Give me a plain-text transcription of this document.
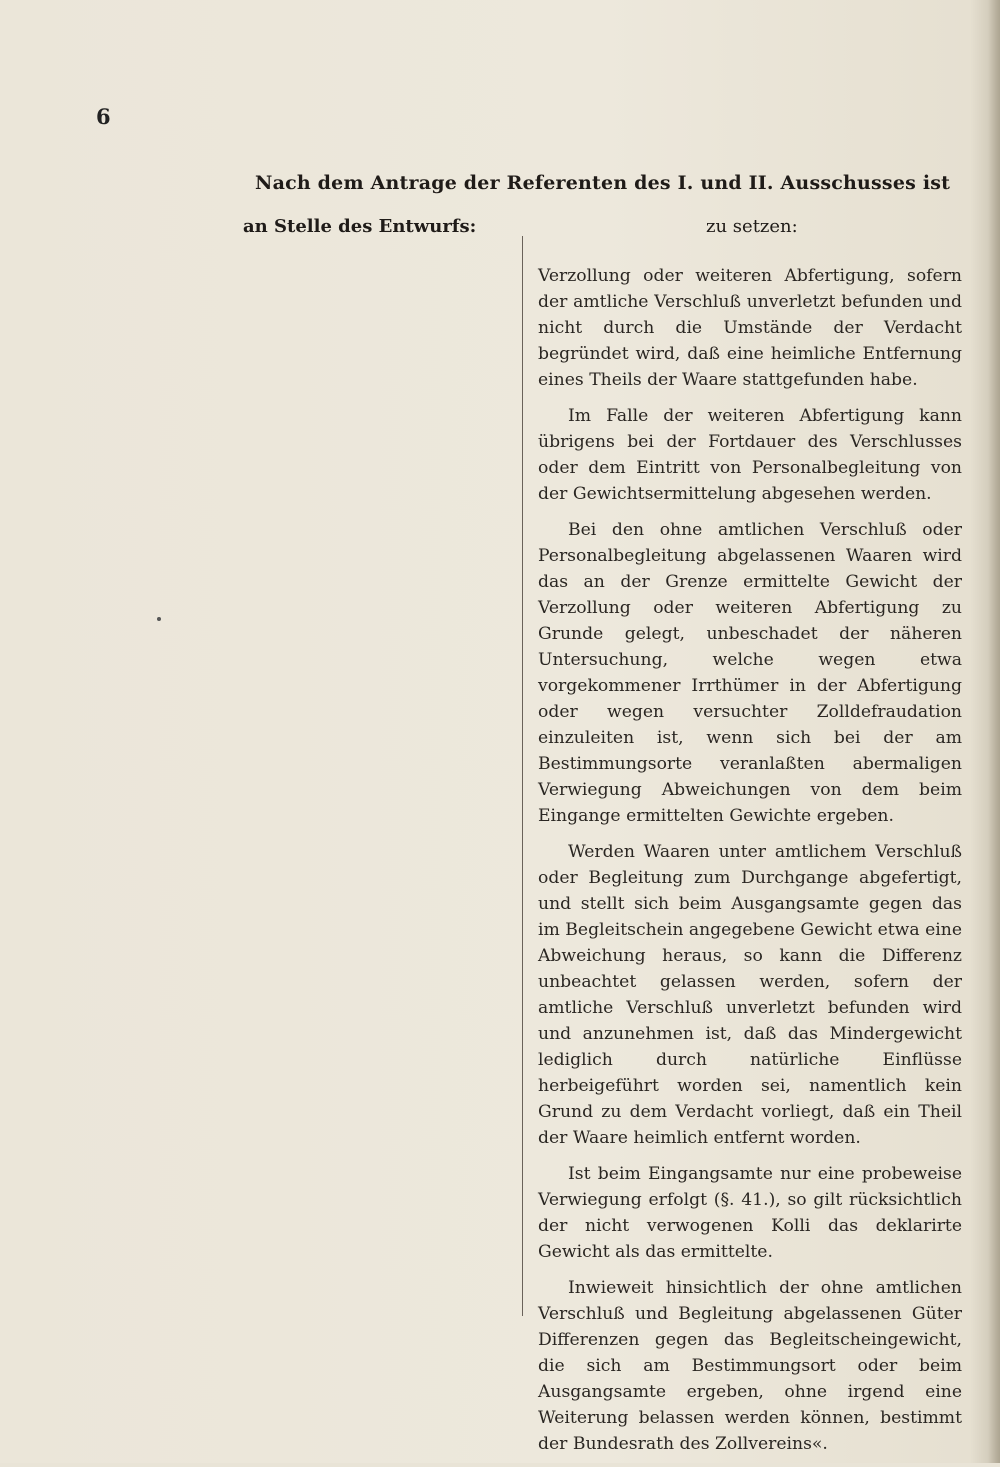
6
Nach dem Antrage der Referenten des I. und II. Ausschusses ist
an Stelle des Entwurfs:	zu setzen:

Verzollung oder weiteren Abfertigung, sofern der amtliche Verschluß unverletzt befunden und nicht durch die Umstände der Verdacht begründet wird, daß eine heimliche Entfernung eines Theils der Waare stattgefunden habe.

Im Falle der weiteren Abfertigung kann übrigens bei der Fortdauer des Verschlusses oder dem Eintritt von Personalbegleitung von der Gewichtsermittelung abgesehen werden.

Bei den ohne amtlichen Verschluß oder Personalbegleitung abgelassenen Waaren wird das an der Grenze ermittelte Gewicht der Verzollung oder weiteren Abfertigung zu Grunde gelegt, unbeschadet der näheren Untersuchung, welche wegen etwa vorgekommener Irrthümer in der Abfertigung oder wegen versuchter Zolldefraudation einzuleiten ist, wenn sich bei der am Bestimmungsorte veranlaßten abermaligen Verwiegung Abweichungen von dem beim Eingange ermittelten Gewichte ergeben.

Werden Waaren unter amtlichem Verschluß oder Begleitung zum Durchgange abgefertigt, und stellt sich beim Ausgangsamte gegen das im Begleitschein angegebene Gewicht etwa eine Abweichung heraus, so kann die Differenz unbeachtet gelassen werden, sofern der amtliche Verschluß unverletzt befunden wird und anzunehmen ist, daß das Mindergewicht lediglich durch natürliche Einflüsse herbeigeführt worden sei, namentlich kein Grund zu dem Verdacht vorliegt, daß ein Theil der Waare heimlich entfernt worden.

Ist beim Eingangsamte nur eine probeweise Verwiegung erfolgt (§. 41.), so gilt rücksichtlich der nicht verwogenen Kolli das deklarirte Gewicht als das ermittelte.

Inwieweit hinsichtlich der ohne amtlichen Verschluß und Begleitung abgelassenen Güter Differenzen gegen das Begleitscheingewicht, die sich am Bestimmungsort oder beim Ausgangsamte ergeben, ohne irgend eine Weiterung belassen werden können, bestimmt der Bundesrath des Zollvereins«.
